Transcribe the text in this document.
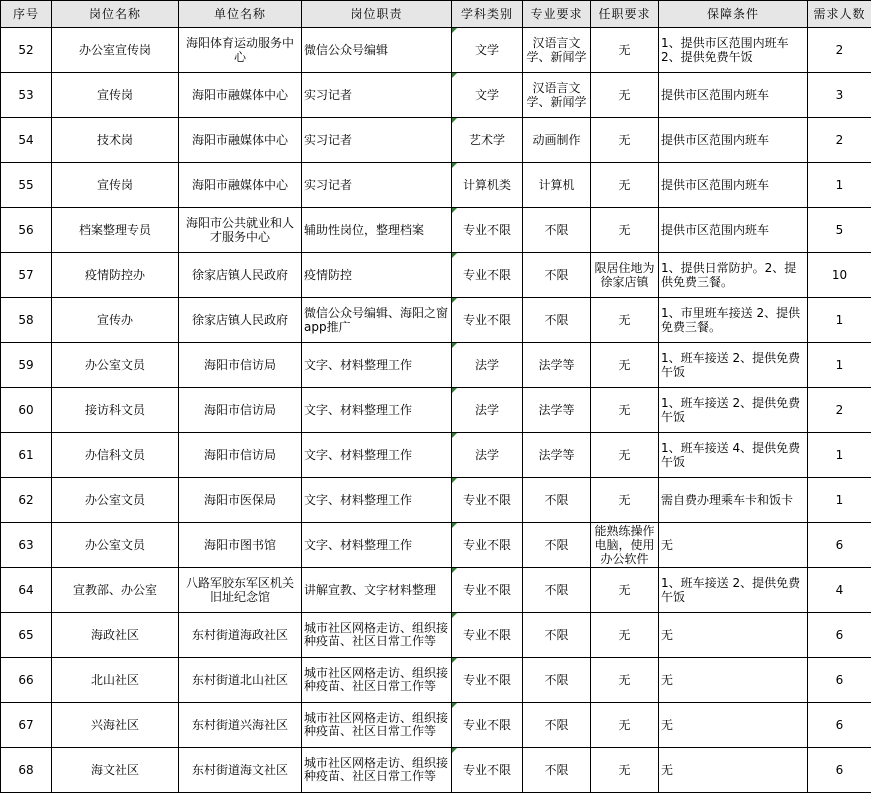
序号	岗位名称	单位名称	岗位职责	学科类别	专业要求	任职要求	保障条件	需求人数

52	办公室宣传岗	海阳体育运动服务中心	微信公众号编辑	文学	汉语言文学、新闻学	无	1、提供市区范围内班车 2、提供免费午饭	2

53	宣传岗	海阳市融媒体中心	实习记者	文学	汉语言文学、新闻学	无	提供市区范围内班车	3

54	技术岗	海阳市融媒体中心	实习记者	艺术学	动画制作	无	提供市区范围内班车	2

55	宣传岗	海阳市融媒体中心	实习记者	计算机类	计算机	无	提供市区范围内班车	1

56	档案整理专员	海阳市公共就业和人才服务中心	辅助性岗位，整理档案	专业不限	不限	无	提供市区范围内班车	5

57	疫情防控办	徐家店镇人民政府	疫情防控	专业不限	不限	限居住地为徐家店镇	1、提供日常防护。2、提供免费三餐。	10

58	宣传办	徐家店镇人民政府	微信公众号编辑、海阳之窗app推广	专业不限	不限	无	1、市里班车接送 2、提供免费三餐。	1

59	办公室文员	海阳市信访局	文字、材料整理工作	法学	法学等	无	1、班车接送 2、提供免费午饭	1

60	接访科文员	海阳市信访局	文字、材料整理工作	法学	法学等	无	1、班车接送 2、提供免费午饭	2

61	办信科文员	海阳市信访局	文字、材料整理工作	法学	法学等	无	1、班车接送 4、提供免费午饭	1

62	办公室文员	海阳市医保局	文字、材料整理工作	专业不限	不限	无	需自费办理乘车卡和饭卡	1

63	办公室文员	海阳市图书馆	文字、材料整理工作	专业不限	不限	能熟练操作电脑，使用办公软件	无	6

64	宣教部、办公室	八路军胶东军区机关旧址纪念馆	讲解宣教、文字材料整理	专业不限	不限	无	1、班车接送 2、提供免费午饭	4

65	海政社区	东村街道海政社区	城市社区网格走访、组织接种疫苗、社区日常工作等	专业不限	不限	无	无	6

66	北山社区	东村街道北山社区	城市社区网格走访、组织接种疫苗、社区日常工作等	专业不限	不限	无	无	6

67	兴海社区	东村街道兴海社区	城市社区网格走访、组织接种疫苗、社区日常工作等	专业不限	不限	无	无	6

68	海文社区	东村街道海文社区	城市社区网格走访、组织接种疫苗、社区日常工作等	专业不限	不限	无	无	6
